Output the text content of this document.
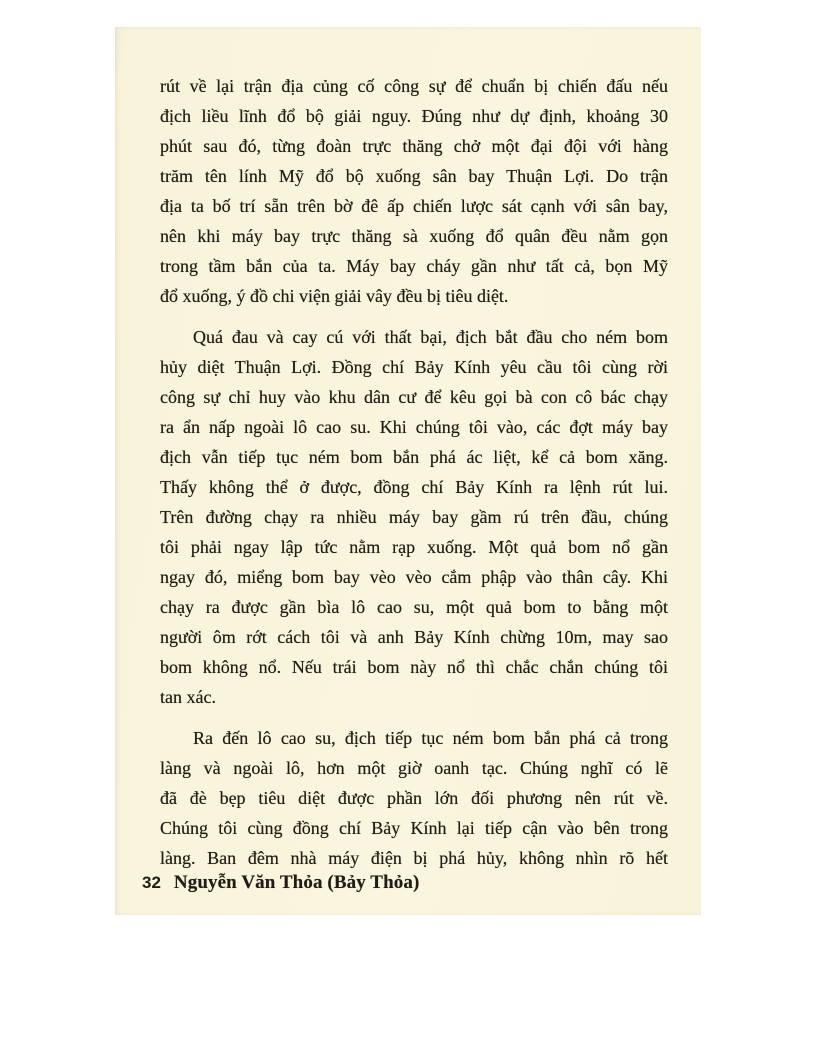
rút về lại trận địa củng cố công sự để chuẩn bị chiến đấu nếu
địch liều lĩnh đổ bộ giải nguy. Đúng như dự định, khoảng 30
phút sau đó, từng đoàn trực thăng chở một đại đội với hàng
trăm tên lính Mỹ đổ bộ xuống sân bay Thuận Lợi. Do trận
địa ta bố trí sẵn trên bờ đê ấp chiến lược sát cạnh với sân bay,
nên khi máy bay trực thăng sà xuống đổ quân đều nằm gọn
trong tầm bắn của ta. Máy bay cháy gần như tất cả, bọn Mỹ
đổ xuống, ý đồ chi viện giải vây đều bị tiêu diệt.
Quá đau và cay cú với thất bại, địch bắt đầu cho ném bom
hủy diệt Thuận Lợi. Đồng chí Bảy Kính yêu cầu tôi cùng rời
công sự chỉ huy vào khu dân cư để kêu gọi bà con cô bác chạy
ra ẩn nấp ngoài lô cao su. Khi chúng tôi vào, các đợt máy bay
địch vẫn tiếp tục ném bom bắn phá ác liệt, kể cả bom xăng.
Thấy không thể ở được, đồng chí Bảy Kính ra lệnh rút lui.
Trên đường chạy ra nhiều máy bay gầm rú trên đầu, chúng
tôi phải ngay lập tức nằm rạp xuống. Một quả bom nổ gần
ngay đó, miểng bom bay vèo vèo cắm phập vào thân cây. Khi
chạy ra được gần bìa lô cao su, một quả bom to bằng một
người ôm rớt cách tôi và anh Bảy Kính chừng 10m, may sao
bom không nổ. Nếu trái bom này nổ thì chắc chắn chúng tôi
tan xác.
Ra đến lô cao su, địch tiếp tục ném bom bắn phá cả trong
làng và ngoài lô, hơn một giờ oanh tạc. Chúng nghĩ có lẽ
đã đè bẹp tiêu diệt được phần lớn đối phương nên rút về.
Chúng tôi cùng đồng chí Bảy Kính lại tiếp cận vào bên trong
làng. Ban đêm nhà máy điện bị phá hủy, không nhìn rõ hết
32 Nguyễn Văn Thỏa (Bảy Thỏa)
